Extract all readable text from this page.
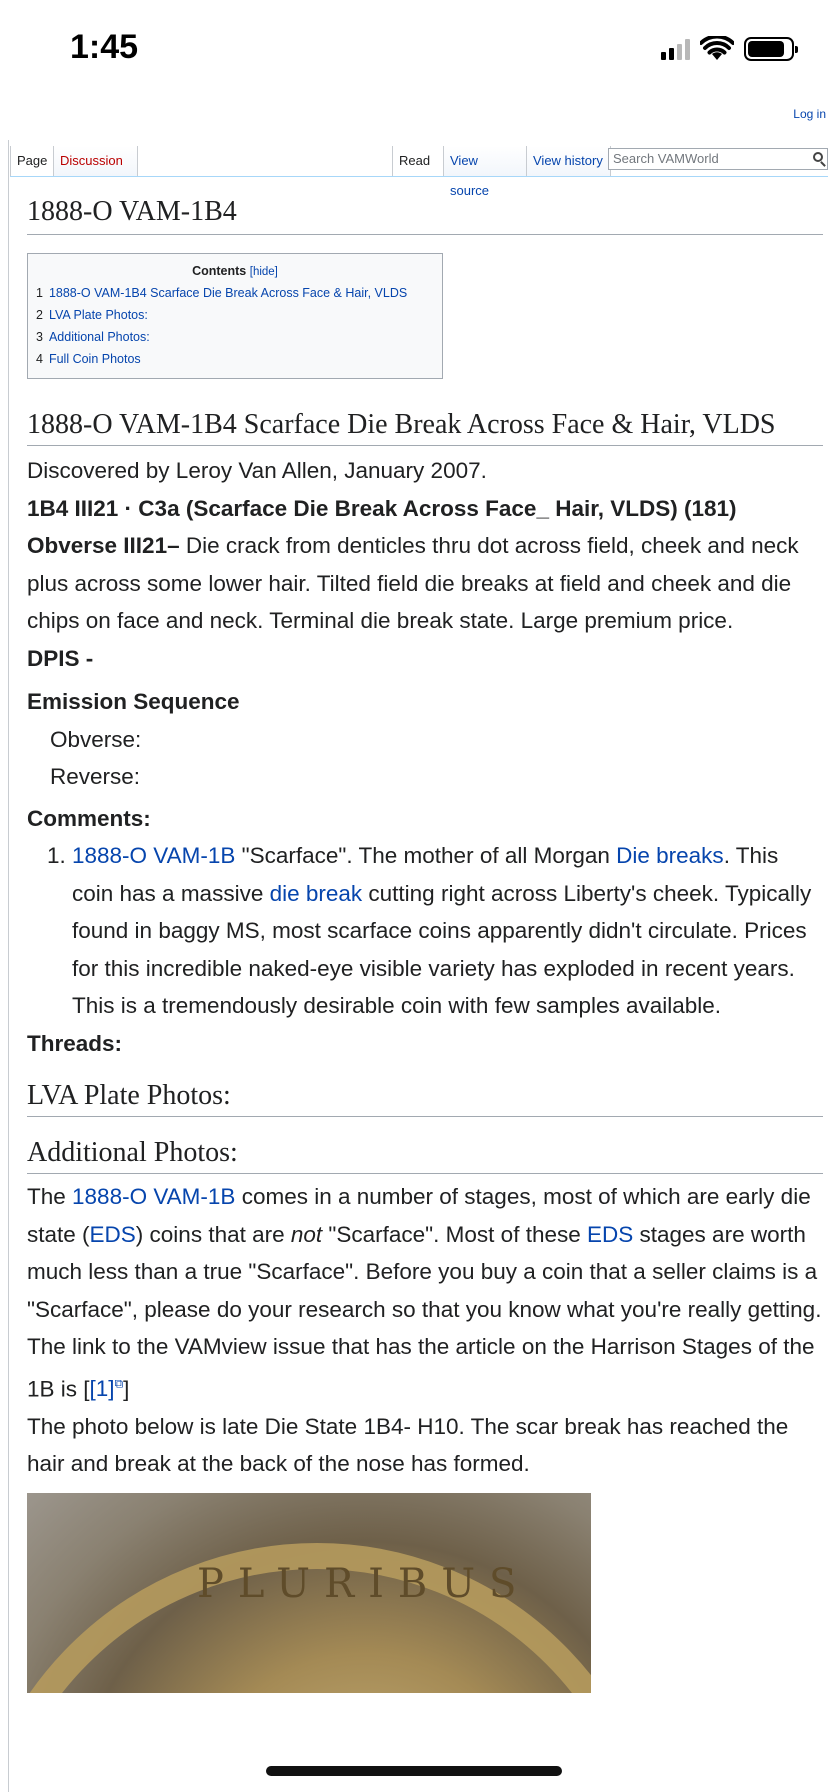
1:45
Log in
Page Discussion	Read	View source
View history Search VAMWorld
1888-O VAM-1B4
Contents [hide]
1 1888-O VAM-1B4 Scarface Die Break Across Face & Hair, VLDS
2 LVA Plate Photos:
3 Additional Photos:
4 Full Coin Photos
1888-O VAM-1B4 Scarface Die Break Across Face & Hair, VLDS

Discovered by Leroy Van Allen, January 2007.

1B4 III21 · C3a (Scarface Die Break Across Face_ Hair, VLDS) (181)

Obverse III21– Die crack from denticles thru dot across field, cheek and neck plus across some lower hair. Tilted field die breaks at field and cheek and die chips on face and neck. Terminal die break state. Large premium price.

DPIS -

Emission Sequence

Obverse:

Reverse:

Comments:

1. 1888-O VAM-1B "Scarface". The mother of all Morgan Die breaks. This coin has a massive die break cutting right across Liberty's cheek. Typically found in baggy MS, most scarface coins apparently didn't circulate. Prices for this incredible naked-eye visible variety has exploded in recent years. This is a tremendously desirable coin with few samples available.

Threads:

LVA Plate Photos:
Additional Photos:

The 1888-O VAM-1B comes in a number of stages, most of which are early die state (EDS) coins that are not "Scarface". Most of these EDS stages are worth much less than a true "Scarface". Before you buy a coin that a seller claims is a "Scarface", please do your research so that you know what you're really getting. The link to the VAMview issue that has the article on the Harrison Stages of the 1B is [[1]⧉]

The photo below is late Die State 1B4- H10. The scar break has reached the hair and break at the back of the nose has formed.

PLURIBUS
